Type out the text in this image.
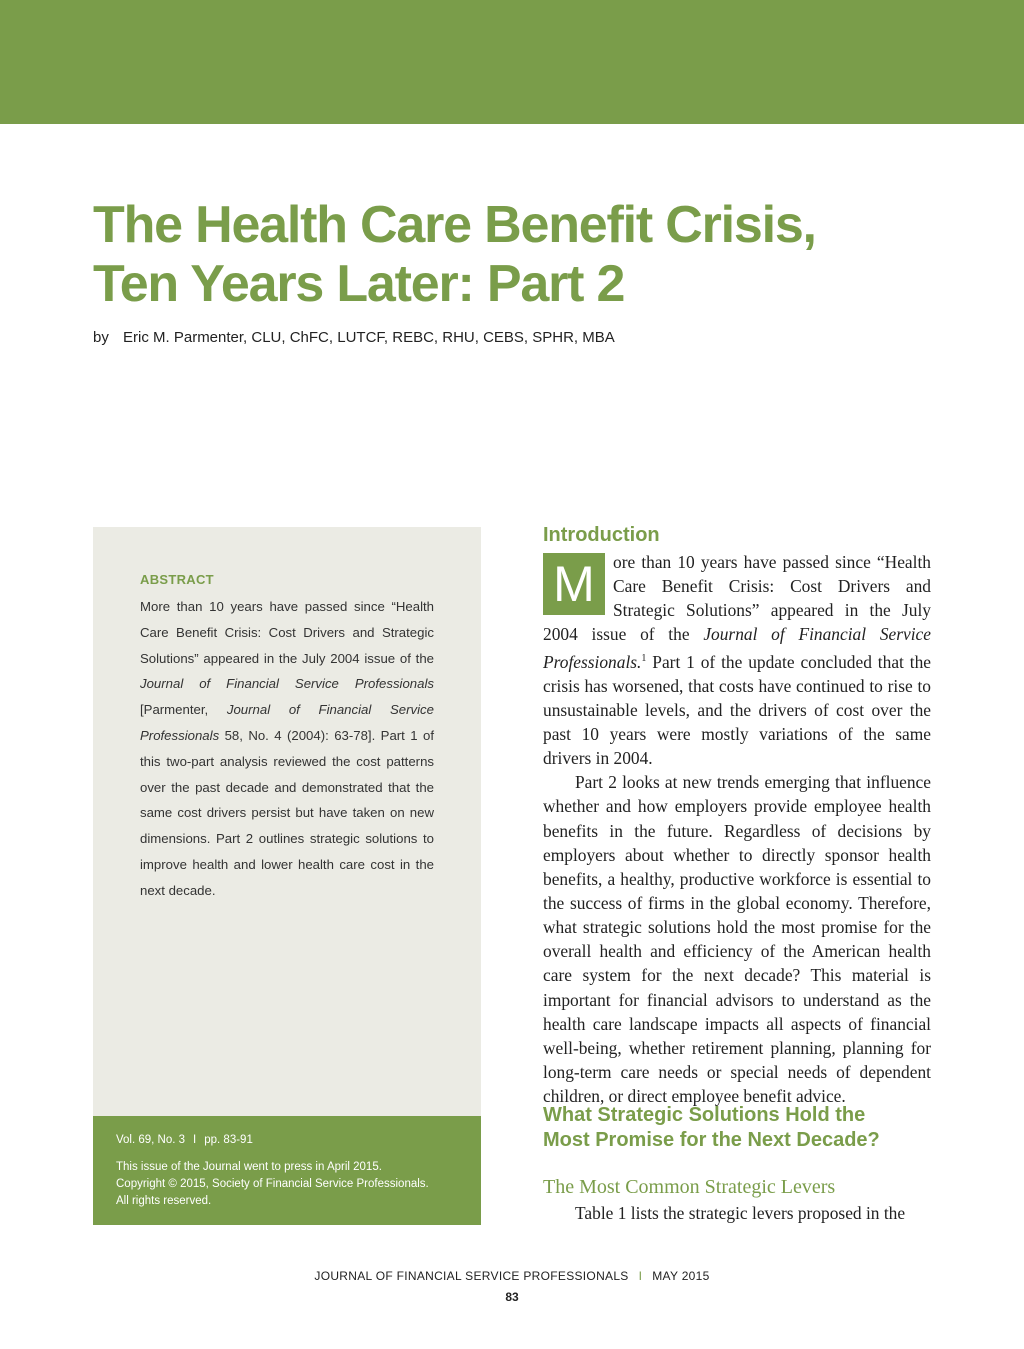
The Health Care Benefit Crisis,
Ten Years Later: Part 2
by Eric M. Parmenter, CLU, ChFC, LUTCF, REBC, RHU, CEBS, SPHR, MBA
ABSTRACT

More than 10 years have passed since “Health Care Benefit Crisis: Cost Drivers and Strategic Solutions” appeared in the July 2004 issue of the Journal of Financial Service Professionals [Parmenter, Journal of Financial Service Professionals 58, No. 4 (2004): 63-78]. Part 1 of this two-part analysis reviewed the cost patterns over the past decade and demonstrated that the same cost drivers persist but have taken on new dimensions. Part 2 outlines strategic solutions to improve health and lower health care cost in the next decade.

Vol. 69, No. 3 I pp. 83-91

This issue of the Journal went to press in April 2015.
Copyright © 2015, Society of Financial Service Professionals.
All rights reserved.

Introduction

M	ore than 10 years have passed since “Health Care Benefit Crisis: Cost Drivers and Strategic Solutions” appeared in the July 2004 issue of the Journal of Financial Service Professionals.$^1$ Part 1 of the update concluded that the crisis has worsened, that costs have continued to rise to unsustainable levels, and the drivers of cost over the past 10 years were mostly variations of the same drivers in 2004.

Part 2 looks at new trends emerging that influence whether and how employers provide employee health benefits in the future. Regardless of decisions by employers about whether to directly sponsor health benefits, a healthy, productive workforce is essential to the success of firms in the global economy. Therefore, what strategic solutions hold the most promise for the overall health and efficiency of the American health care system for the next decade? This material is important for financial advisors to understand as the health care landscape impacts all aspects of financial well-being, whether retirement planning, planning for long-term care needs or special needs of dependent children, or direct employee benefit advice.

What Strategic Solutions Hold the
Most Promise for the Next Decade?
The Most Common Strategic Levers

Table 1 lists the strategic levers proposed in the

JOURNAL OF FINANCIAL SERVICE PROFESSIONALS I MAY 2015
83
